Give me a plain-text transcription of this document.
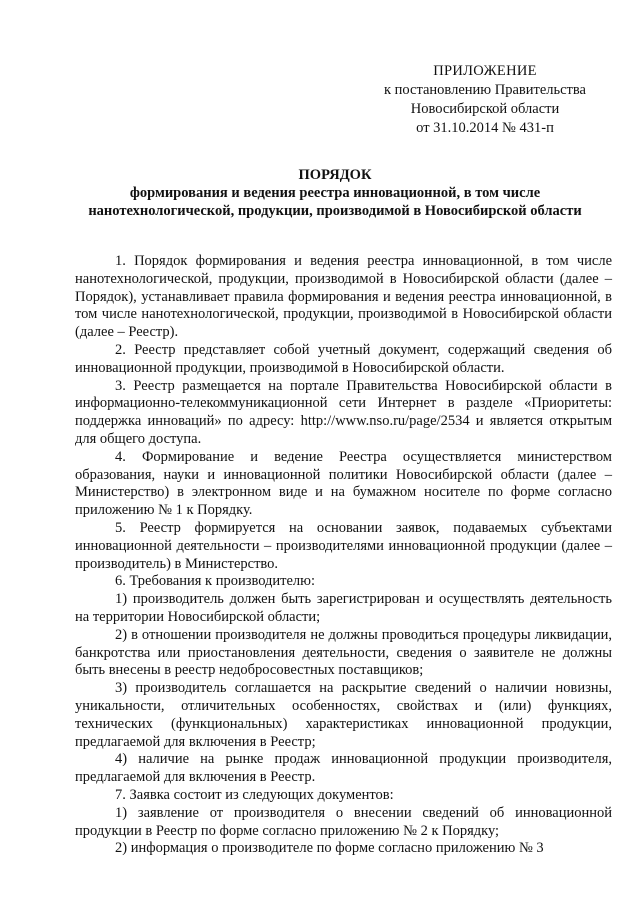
ПРИЛОЖЕНИЕ
к постановлению Правительства
Новосибирской области
от 31.10.2014 № 431-п
ПОРЯДОК
формирования и ведения реестра инновационной, в том числе
нанотехнологической, продукции, производимой в Новосибирской области

1. Порядок формирования и ведения реестра инновационной, в том числе нанотехнологической, продукции, производимой в Новосибирской области (далее – Порядок), устанавливает правила формирования и ведения реестра инновационной, в том числе нанотехнологической, продукции, производимой в Новосибирской области (далее – Реестр).

2. Реестр представляет собой учетный документ, содержащий сведения об инновационной продукции, производимой в Новосибирской области.

3. Реестр размещается на портале Правительства Новосибирской области в информационно-телекоммуникационной сети Интернет в разделе «Приоритеты: поддержка инноваций» по адресу: http://www.nso.ru/page/2534 и является открытым для общего доступа.

4. Формирование и ведение Реестра осуществляется министерством образования, науки и инновационной политики Новосибирской области (далее – Министерство) в электронном виде и на бумажном носителе по форме согласно приложению № 1 к Порядку.

5. Реестр формируется на основании заявок, подаваемых субъектами инновационной деятельности – производителями инновационной продукции (далее – производитель) в Министерство.

6. Требования к производителю:

1) производитель должен быть зарегистрирован и осуществлять деятельность на территории Новосибирской области;

2) в отношении производителя не должны проводиться процедуры ликвидации, банкротства или приостановления деятельности, сведения о заявителе не должны быть внесены в реестр недобросовестных поставщиков;

3) производитель соглашается на раскрытие сведений о наличии новизны, уникальности, отличительных особенностях, свойствах и (или) функциях, технических (функциональных) характеристиках инновационной продукции, предлагаемой для включения в Реестр;

4) наличие на рынке продаж инновационной продукции производителя, предлагаемой для включения в Реестр.

7. Заявка состоит из следующих документов:

1) заявление от производителя о внесении сведений об инновационной продукции в Реестр по форме согласно приложению № 2 к Порядку;

2) информация о производителе по форме согласно приложению № 3
